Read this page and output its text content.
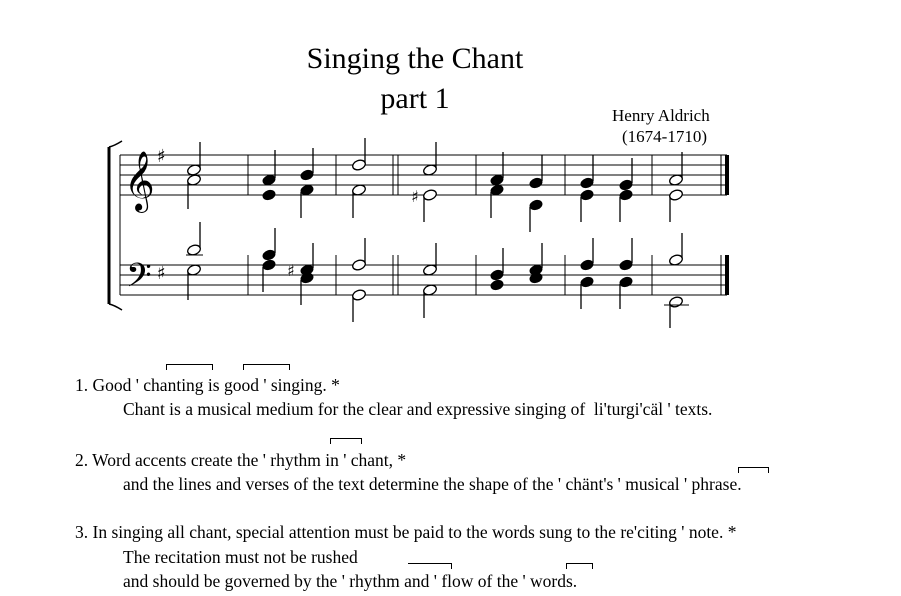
Singing the Chant
part 1
Henry Aldrich
(1674-1710)
𝄞
𝄢
♯
♯
♯
♯
1. Good ' chanting is good ' singing. *
Chant is a musical medium for the clear and expressive singing of  li'turgi'cäl ' texts.
2. Word accents create the ' rhythm in ' chant, *
and the lines and verses of the text determine the shape of the ' chänt's ' musical ' phrase.
3. In singing all chant, special attention must be paid to the words sung to the re'citing ' note. *
The recitation must not be rushed
and should be governed by the ' rhythm and ' flow of the ' words.
